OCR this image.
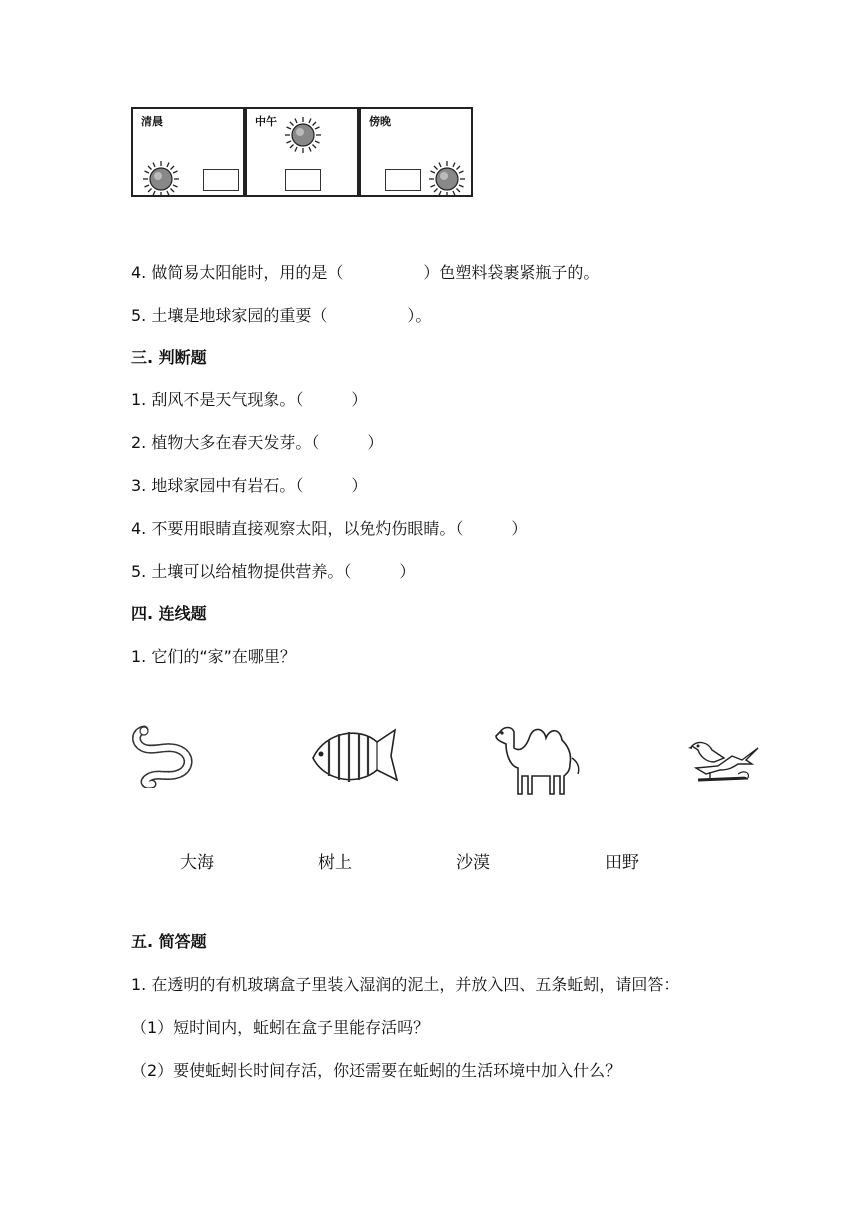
清晨	中午	傍晚
4. 做简易太阳能时，用的是（　　　　　）色塑料袋裹紧瓶子的。
5. 土壤是地球家园的重要（　　　　　）。
三. 判断题
1. 刮风不是天气现象。（　　　）
2. 植物大多在春天发芽。（　　　）
3. 地球家园中有岩石。（　　　）
4. 不要用眼睛直接观察太阳，以免灼伤眼睛。（　　　）
5. 土壤可以给植物提供营养。（　　　）
四. 连线题
1. 它们的“家”在哪里？
大海	树上	沙漠	田野
五. 简答题
1. 在透明的有机玻璃盒子里装入湿润的泥土，并放入四、五条蚯蚓，请回答：
（1）短时间内，蚯蚓在盒子里能存活吗？
（2）要使蚯蚓长时间存活，你还需要在蚯蚓的生活环境中加入什么？
